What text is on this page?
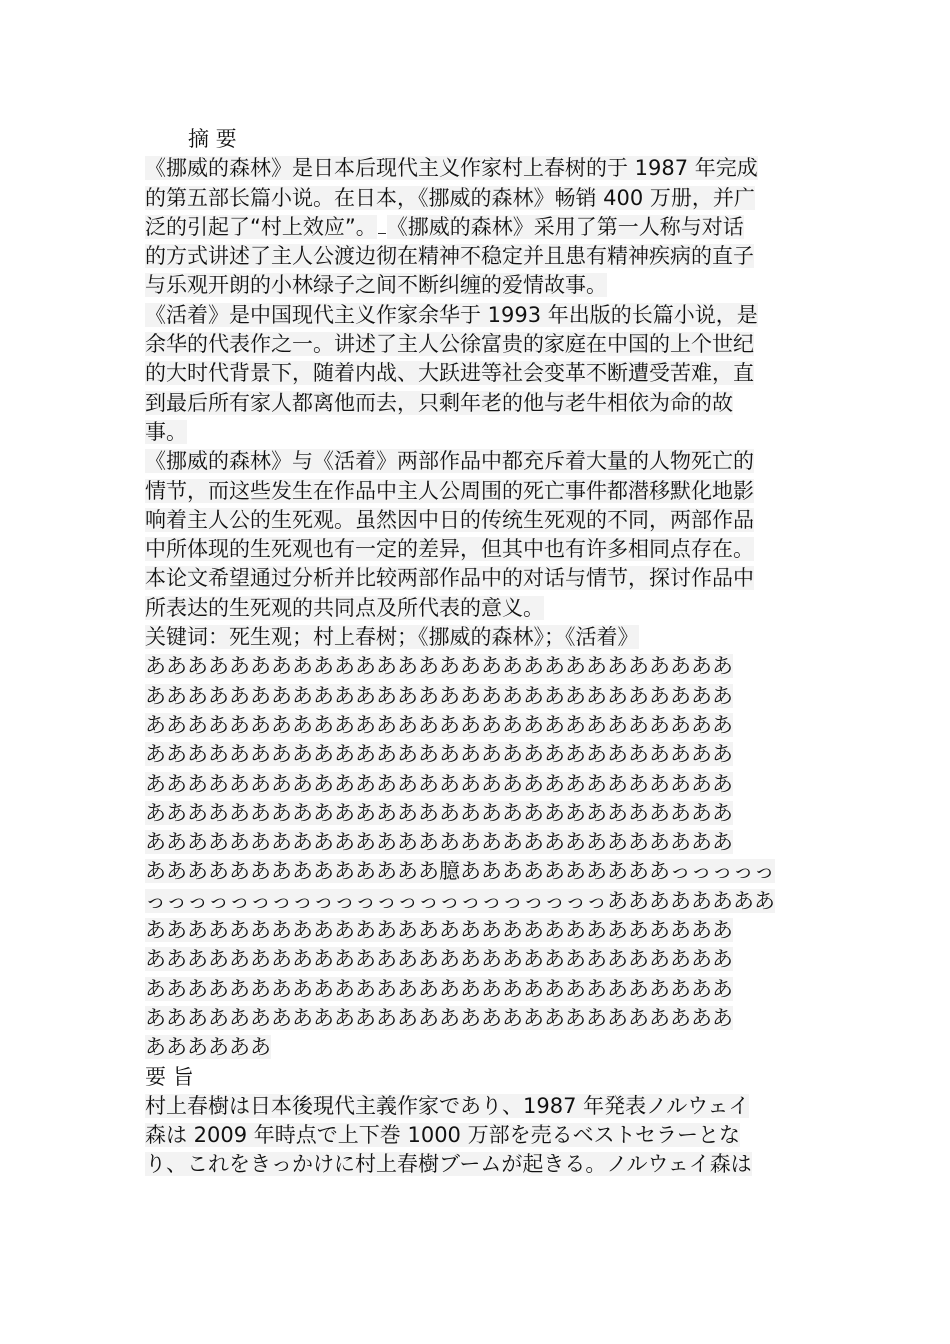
摘 要
《挪威的森林》是日本后现代主义作家村上春树的于 1987 年完成
的第五部长篇小说。在日本，《挪威的森林》畅销 400 万册，并广
泛的引起了“村上效应”。 《挪威的森林》采用了第一人称与对话
的方式讲述了主人公渡边彻在精神不稳定并且患有精神疾病的直子
与乐观开朗的小林绿子之间不断纠缠的爱情故事。
《活着》是中国现代主义作家余华于 1993 年出版的长篇小说，是
余华的代表作之一。讲述了主人公徐富贵的家庭在中国的上个世纪
的大时代背景下，随着内战、大跃进等社会变革不断遭受苦难，直
到最后所有家人都离他而去，只剩年老的他与老牛相依为命的故
事。
《挪威的森林》与《活着》两部作品中都充斥着大量的人物死亡的
情节，而这些发生在作品中主人公周围的死亡事件都潜移默化地影
响着主人公的生死观。虽然因中日的传统生死观的不同，两部作品
中所体现的生死观也有一定的差异，但其中也有许多相同点存在。
本论文希望通过分析并比较两部作品中的对话与情节，探讨作品中
所表达的生死观的共同点及所代表的意义。
关键词：死生观；村上春树；《挪威的森林》；《活着》
ああああああああああああああああああああああああああああ
ああああああああああああああああああああああああああああ
ああああああああああああああああああああああああああああ
ああああああああああああああああああああああああああああ
ああああああああああああああああああああああああああああ
ああああああああああああああああああああああああああああ
ああああああああああああああああああああああああああああ
ああああああああああああああ臆ああああああああああっっっっっ
っっっっっっっっっっっっっっっっっっっっっっああああああああ
ああああああああああああああああああああああああああああ
ああああああああああああああああああああああああああああ
ああああああああああああああああああああああああああああ
ああああああああああああああああああああああああああああ
ああああああ
要 旨
村上春樹は日本後現代主義作家であり、1987 年発表ノルウェイ
森は 2009 年時点で上下巻 1000 万部を売るベストセラーとな
り、これをきっかけに村上春樹ブームが起きる。ノルウェイ森は
